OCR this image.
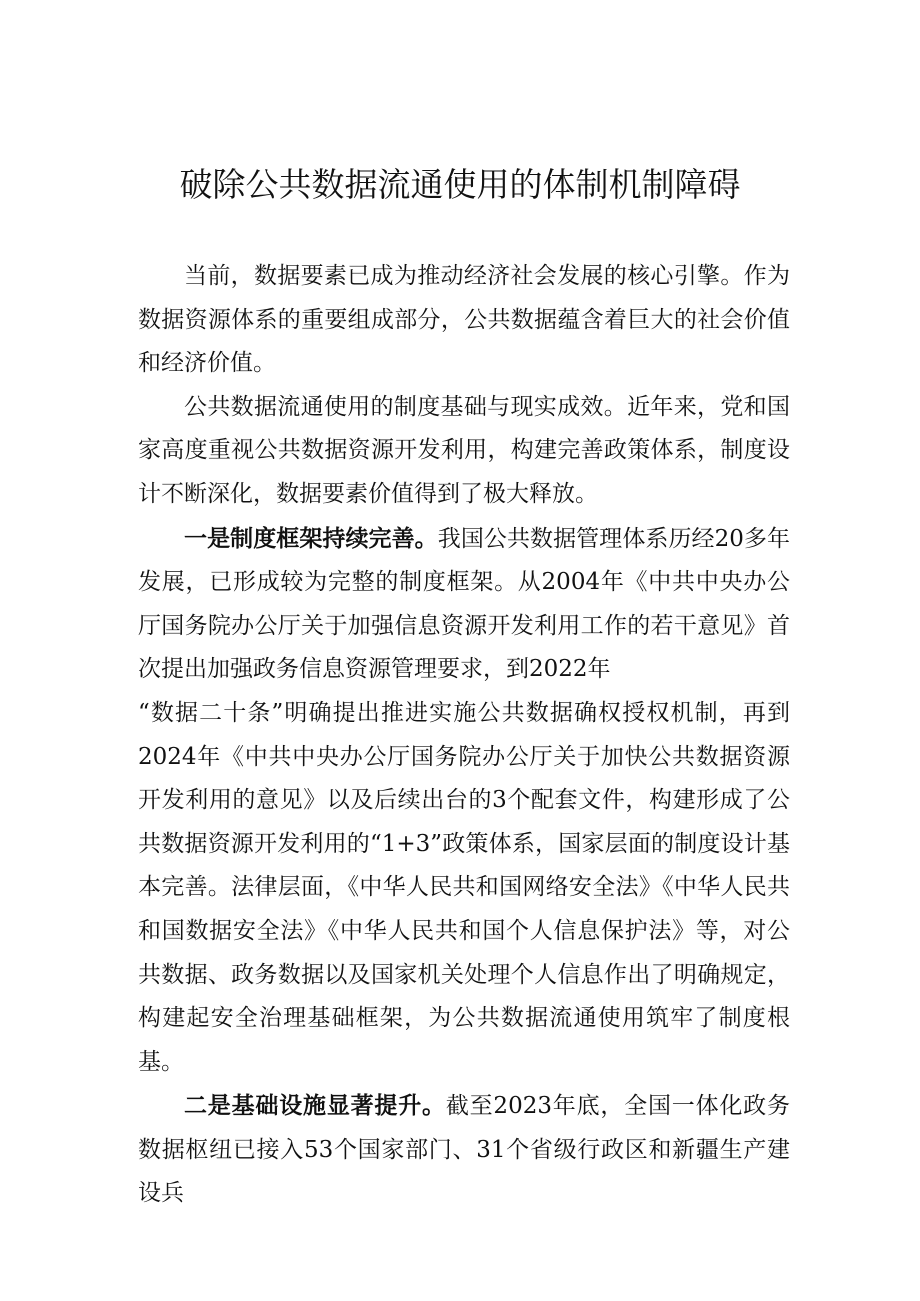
破除公共数据流通使用的体制机制障碍

当前，数据要素已成为推动经济社会发展的核心引擎。作为数据资源体系的重要组成部分，公共数据蕴含着巨大的社会价值和经济价值。

公共数据流通使用的制度基础与现实成效。近年来，党和国家高度重视公共数据资源开发利用，构建完善政策体系，制度设计不断深化，数据要素价值得到了极大释放。

一是制度框架持续完善。我国公共数据管理体系历经20多年发展，已形成较为完整的制度框架。从2004年《中共中央办公厅国务院办公厅关于加强信息资源开发利用工作的若干意见》首次提出加强政务信息资源管理要求，到2022年
“数据二十条”明确提出推进实施公共数据确权授权机制，再到2024年《中共中央办公厅国务院办公厅关于加快公共数据资源开发利用的意见》以及后续出台的3个配套文件，构建形成了公共数据资源开发利用的“1+3”政策体系，国家层面的制度设计基本完善。法律层面，《中华人民共和国网络安全法》《中华人民共和国数据安全法》《中华人民共和国个人信息保护法》等，对公共数据、政务数据以及国家机关处理个人信息作出了明确规定，构建起安全治理基础框架，为公共数据流通使用筑牢了制度根基。

二是基础设施显著提升。截至2023年底，全国一体化政务数据枢纽已接入53个国家部门、31个省级行政区和新疆生产建设兵
